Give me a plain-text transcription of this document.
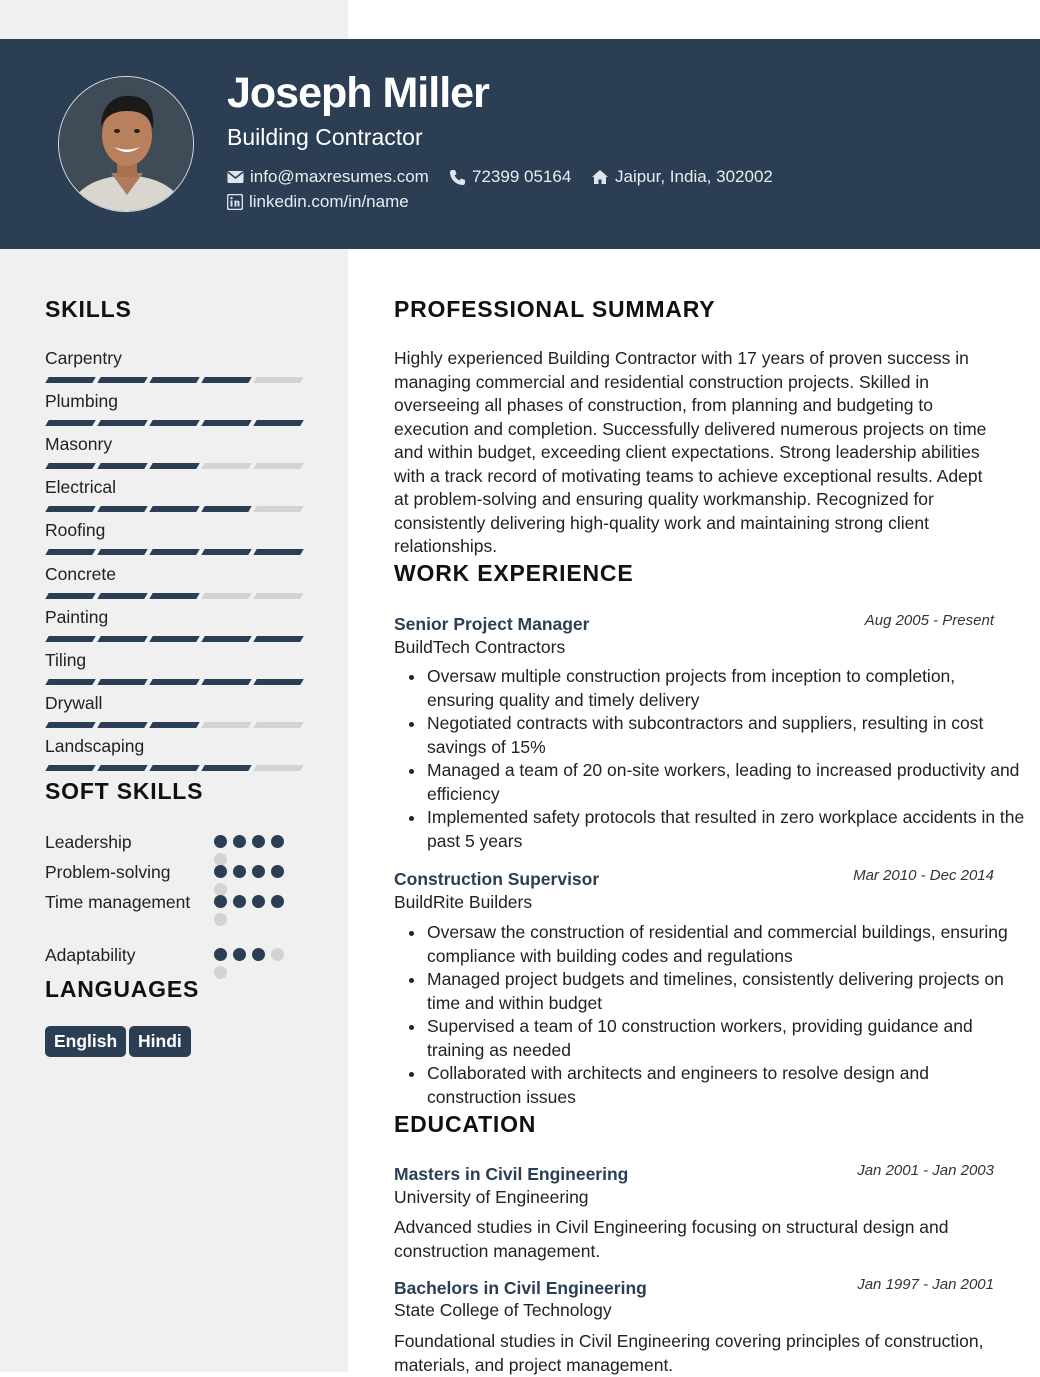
Joseph Miller
Building Contractor
info@maxresumes.com	72399 05164	Jaipur, India, 302002
linkedin.com/in/name
SKILLS
Carpentry
Plumbing
Masonry
Electrical
Roofing
Concrete
Painting
Tiling
Drywall
Landscaping
SOFT SKILLS
Leadership
Problem-solving
Time management
Adaptability
LANGUAGES
English	Hindi
PROFESSIONAL SUMMARY

Highly experienced Building Contractor with 17 years of proven success in managing commercial and residential construction projects. Skilled in overseeing all phases of construction, from planning and budgeting to execution and completion. Successfully delivered numerous projects on time and within budget, exceeding client expectations. Strong leadership abilities with a track record of motivating teams to achieve exceptional results. Adept at problem-solving and ensuring quality workmanship. Recognized for consistently delivering high-quality work and maintaining strong client relationships.

WORK EXPERIENCE
Senior Project Manager	Aug 2005 - Present
BuildTech Contractors
• Oversaw multiple construction projects from inception to completion, ensuring quality and timely delivery
• Negotiated contracts with subcontractors and suppliers, resulting in cost savings of 15%
• Managed a team of 20 on-site workers, leading to increased productivity and efficiency
• Implemented safety protocols that resulted in zero workplace accidents in the past 5 years
Construction Supervisor	Mar 2010 - Dec 2014
BuildRite Builders
• Oversaw the construction of residential and commercial buildings, ensuring compliance with building codes and regulations
• Managed project budgets and timelines, consistently delivering projects on time and within budget
• Supervised a team of 10 construction workers, providing guidance and training as needed
• Collaborated with architects and engineers to resolve design and construction issues
EDUCATION
Masters in Civil Engineering	Jan 2001 - Jan 2003
University of Engineering

Advanced studies in Civil Engineering focusing on structural design and construction management.

Bachelors in Civil Engineering	Jan 1997 - Jan 2001
State College of Technology

Foundational studies in Civil Engineering covering principles of construction, materials, and project management.
